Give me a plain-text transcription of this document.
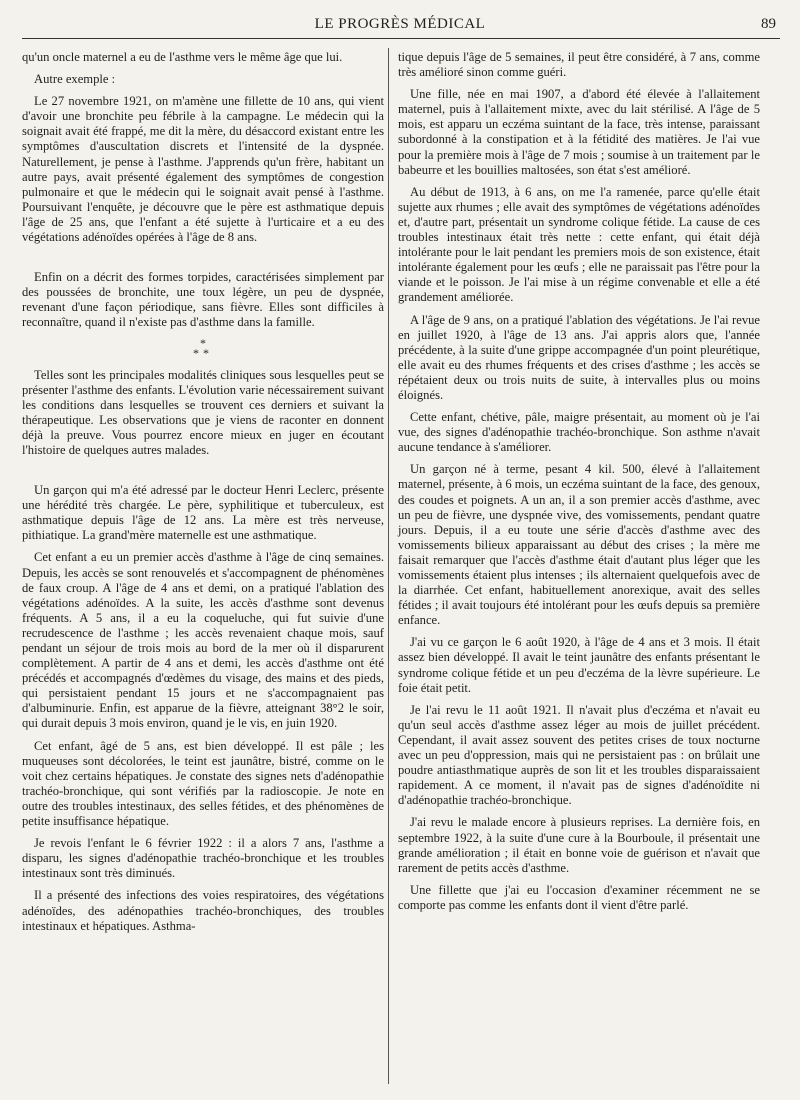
LE PROGRÈS MÉDICAL	89

qu'un oncle maternel a eu de l'asthme vers le même âge que lui.

Autre exemple :

Le 27 novembre 1921, on m'amène une fillette de 10 ans, qui vient d'avoir une bronchite peu fébrile à la campagne. Le médecin qui la soignait avait été frappé, me dit la mère, du désaccord existant entre les symptômes d'auscultation discrets et l'intensité de la dyspnée. Naturellement, je pense à l'asthme. J'apprends qu'un frère, habitant un autre pays, avait présenté également des symptômes de congestion pulmonaire et que le médecin qui le soignait avait pensé à l'asthme. Poursuivant l'enquête, je découvre que le père est asthmatique depuis l'âge de 25 ans, que l'enfant a été sujette à l'urticaire et a eu des végétations adénoïdes opérées à l'âge de 8 ans.

Enfin on a décrit des formes torpides, caractérisées simplement par des poussées de bronchite, une toux légère, un peu de dyspnée, revenant d'une façon périodique, sans fièvre. Elles sont difficiles à reconnaître, quand il n'existe pas d'asthme dans la famille.

*
**

Telles sont les principales modalités cliniques sous lesquelles peut se présenter l'asthme des enfants. L'évolution varie nécessairement suivant les conditions dans lesquelles se trouvent ces derniers et suivant la thérapeutique. Les observations que je viens de raconter en donnent déjà la preuve. Vous pourrez encore mieux en juger en écoutant l'histoire de quelques autres malades.

Un garçon qui m'a été adressé par le docteur Henri Leclerc, présente une hérédité très chargée. Le père, syphilitique et tuberculeux, est asthmatique depuis l'âge de 12 ans. La mère est très nerveuse, pithiatique. La grand'mère maternelle est une asthmatique.

Cet enfant a eu un premier accès d'asthme à l'âge de cinq semaines. Depuis, les accès se sont renouvelés et s'accompagnent de phénomènes de faux croup. A l'âge de 4 ans et demi, on a pratiqué l'ablation des végétations adénoïdes. A la suite, les accès d'asthme sont devenus fréquents. A 5 ans, il a eu la coqueluche, qui fut suivie d'une recrudescence de l'asthme ; les accès revenaient chaque mois, sauf pendant un séjour de trois mois au bord de la mer où il disparurent complètement. A partir de 4 ans et demi, les accès d'asthme ont été précédés et accompagnés d'œdèmes du visage, des mains et des pieds, qui persistaient pendant 15 jours et ne s'accompagnaient pas d'albuminurie. Enfin, est apparue de la fièvre, atteignant 38°2 le soir, qui durait depuis 3 mois environ, quand je le vis, en juin 1920.

Cet enfant, âgé de 5 ans, est bien développé. Il est pâle ; les muqueuses sont décolorées, le teint est jaunâtre, bistré, comme on le voit chez certains hépatiques. Je constate des signes nets d'adénopathie trachéo-bronchique, qui sont vérifiés par la radioscopie. Je note en outre des troubles intestinaux, des selles fétides, et des phénomènes de petite insuffisance hépatique.

Je revois l'enfant le 6 février 1922 : il a alors 7 ans, l'asthme a disparu, les signes d'adénopathie trachéo-bronchique et les troubles intestinaux sont très diminués.

Il a présenté des infections des voies respiratoires, des végétations adénoïdes, des adénopathies trachéo-bronchiques, des troubles intestinaux et hépatiques. Asthma-

tique depuis l'âge de 5 semaines, il peut être considéré, à 7 ans, comme très amélioré sinon comme guéri.

Une fille, née en mai 1907, a d'abord été élevée à l'allaitement maternel, puis à l'allaitement mixte, avec du lait stérilisé. A l'âge de 5 mois, est apparu un eczéma suintant de la face, très intense, paraissant subordonné à la constipation et à la fétidité des matières. Je l'ai vue pour la première mois à l'âge de 7 mois ; soumise à un traitement par le babeurre et les bouillies maltosées, son état s'est amélioré.

Au début de 1913, à 6 ans, on me l'a ramenée, parce qu'elle était sujette aux rhumes ; elle avait des symptômes de végétations adénoïdes et, d'autre part, présentait un syndrome colique fétide. La cause de ces troubles intestinaux était très nette : cette enfant, qui était déjà intolérante pour le lait pendant les premiers mois de son existence, était intolérante également pour les œufs ; elle ne paraissait pas l'être pour la viande et le poisson. Je l'ai mise à un régime convenable et elle a été grandement améliorée.

A l'âge de 9 ans, on a pratiqué l'ablation des végétations. Je l'ai revue en juillet 1920, à l'âge de 13 ans. J'ai appris alors que, l'année précédente, à la suite d'une grippe accompagnée d'un point pleurétique, elle avait eu des rhumes fréquents et des crises d'asthme ; les accès se répétaient deux ou trois nuits de suite, à intervalles plus ou moins éloignés.

Cette enfant, chétive, pâle, maigre présentait, au moment où je l'ai vue, des signes d'adénopathie trachéo-bronchique. Son asthme n'avait aucune tendance à s'améliorer.

Un garçon né à terme, pesant 4 kil. 500, élevé à l'allaitement maternel, présente, à 6 mois, un eczéma suintant de la face, des genoux, des coudes et poignets. A un an, il a son premier accès d'asthme, avec un peu de fièvre, une dyspnée vive, des vomissements, pendant quatre jours. Depuis, il a eu toute une série d'accès d'asthme avec des vomissements bilieux apparaissant au début des crises ; la mère me faisait remarquer que l'accès d'asthme était d'autant plus léger que les vomissements étaient plus intenses ; ils alternaient quelquefois avec de la diarrhée. Cet enfant, habituellement anorexique, avait des selles fétides ; il avait toujours été intolérant pour les œufs depuis sa première enfance.

J'ai vu ce garçon le 6 août 1920, à l'âge de 4 ans et 3 mois. Il était assez bien développé. Il avait le teint jaunâtre des enfants présentant le syndrome colique fétide et un peu d'eczéma de la lèvre supérieure. Le foie était petit.

Je l'ai revu le 11 août 1921. Il n'avait plus d'eczéma et n'avait eu qu'un seul accès d'asthme assez léger au mois de juillet précédent. Cependant, il avait assez souvent des petites crises de toux nocturne avec un peu d'oppression, mais qui ne persistaient pas : on brûlait une poudre antiasthmatique auprès de son lit et les troubles disparaissaient rapidement. A ce moment, il n'avait pas de signes d'adénoïdite ni d'adénopathie trachéo-bronchique.

J'ai revu le malade encore à plusieurs reprises. La dernière fois, en septembre 1922, à la suite d'une cure à la Bourboule, il présentait une grande amélioration ; il était en bonne voie de guérison et n'avait que rarement de petits accès d'asthme.

Une fillette que j'ai eu l'occasion d'examiner récemment ne se comporte pas comme les enfants dont il vient d'être parlé.
